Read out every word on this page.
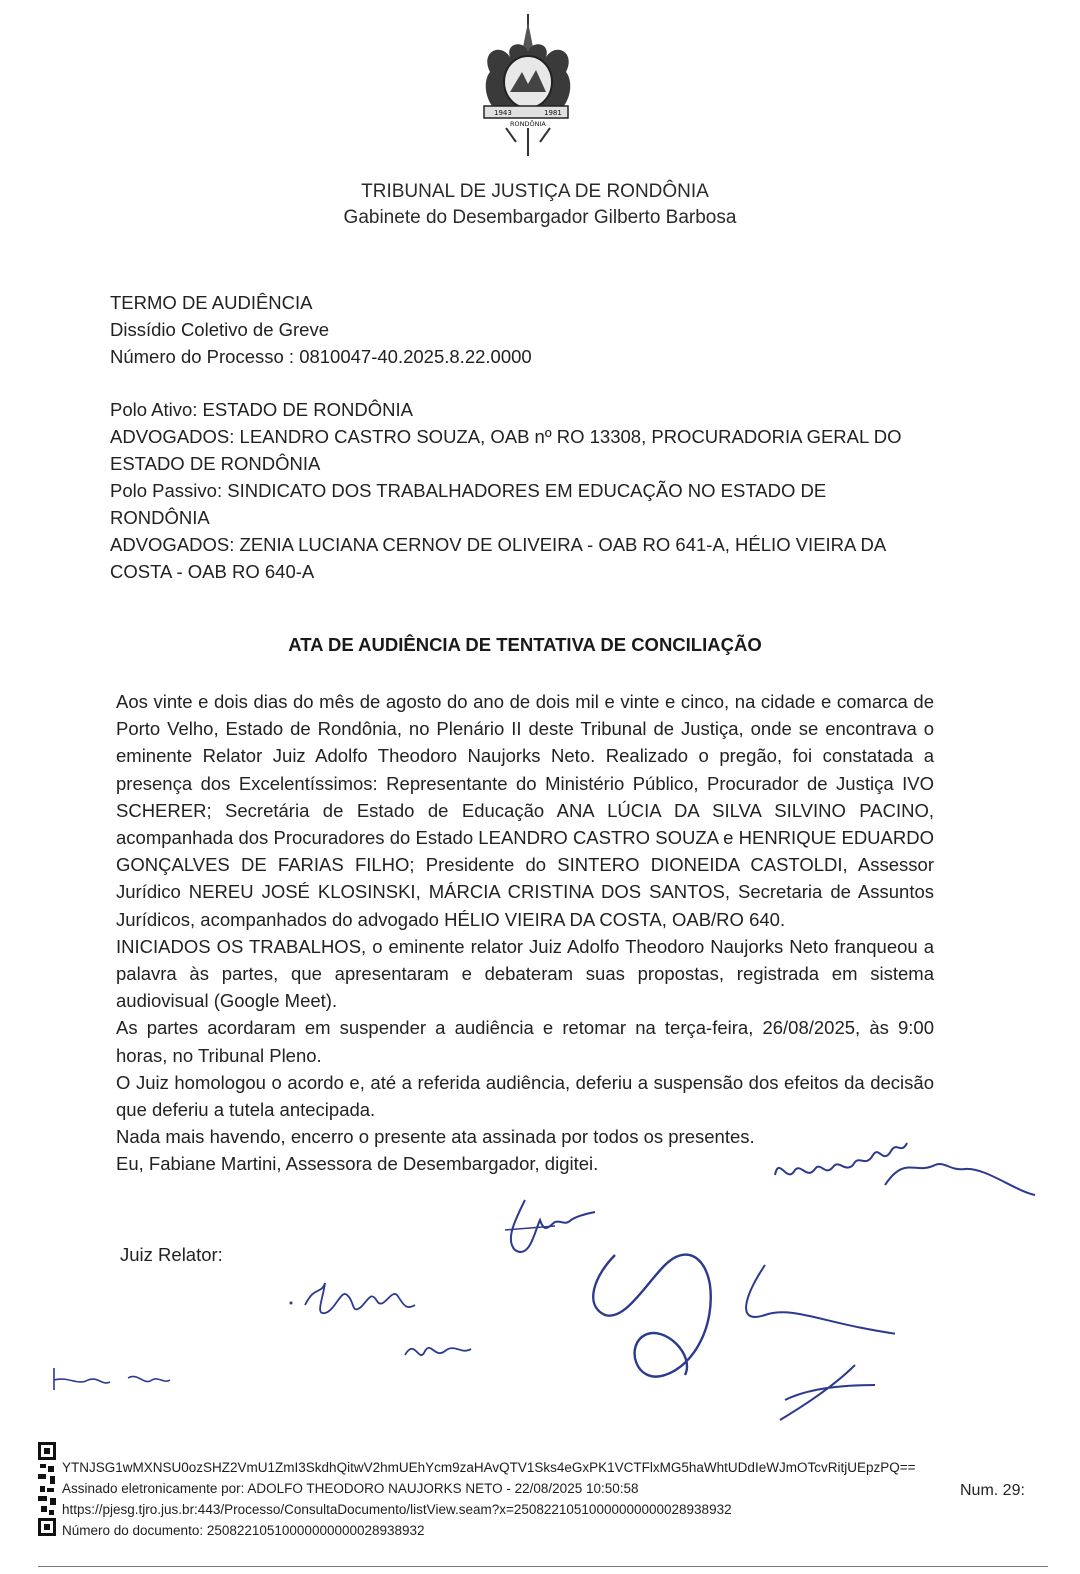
1943	1981
RONDÔNIA
TRIBUNAL DE JUSTIÇA DE RONDÔNIA
Gabinete do Desembargador Gilberto Barbosa
TERMO DE AUDIÊNCIA
Dissídio Coletivo de Greve
Número do Processo : 0810047-40.2025.8.22.0000
Polo Ativo: ESTADO DE RONDÔNIA
ADVOGADOS: LEANDRO CASTRO SOUZA, OAB nº RO 13308, PROCURADORIA GERAL DO ESTADO DE RONDÔNIA
Polo Passivo: SINDICATO DOS TRABALHADORES EM EDUCAÇÃO NO ESTADO DE RONDÔNIA
ADVOGADOS: ZENIA LUCIANA CERNOV DE OLIVEIRA - OAB RO 641-A, HÉLIO VIEIRA DA COSTA - OAB RO 640-A
ATA DE AUDIÊNCIA DE TENTATIVA DE CONCILIAÇÃO

Aos vinte e dois dias do mês de agosto do ano de dois mil e vinte e cinco, na cidade e comarca de Porto Velho, Estado de Rondônia, no Plenário II deste Tribunal de Justiça, onde se encontrava o eminente Relator Juiz Adolfo Theodoro Naujorks Neto. Realizado o pregão, foi constatada a presença dos Excelentíssimos: Representante do Ministério Público, Procurador de Justiça IVO SCHERER; Secretária de Estado de Educação ANA LÚCIA DA SILVA SILVINO PACINO, acompanhada dos Procuradores do Estado LEANDRO CASTRO SOUZA e HENRIQUE EDUARDO GONÇALVES DE FARIAS FILHO; Presidente do SINTERO DIONEIDA CASTOLDI, Assessor Jurídico NEREU JOSÉ KLOSINSKI, MÁRCIA CRISTINA DOS SANTOS, Secretaria de Assuntos Jurídicos, acompanhados do advogado HÉLIO VIEIRA DA COSTA, OAB/RO 640.

INICIADOS OS TRABALHOS, o eminente relator Juiz Adolfo Theodoro Naujorks Neto franqueou a palavra às partes, que apresentaram e debateram suas propostas, registrada em sistema audiovisual (Google Meet).

As partes acordaram em suspender a audiência e retomar na terça-feira, 26/08/2025, às 9:00 horas, no Tribunal Pleno.

O Juiz homologou o acordo e, até a referida audiência, deferiu a suspensão dos efeitos da decisão que deferiu a tutela antecipada.

Nada mais havendo, encerro o presente ata assinada por todos os presentes.

Eu, Fabiane Martini, Assessora de Desembargador, digitei.

Juiz Relator:
YTNJSG1wMXNSU0ozSHZ2VmU1ZmI3SkdhQitwV2hmUEhYcm9zaHAvQTV1Sks4eGxPK1VCTFlxMG5haWhtUDdIeWJmOTcvRitjUEpzPQ==
Assinado eletronicamente por: ADOLFO THEODORO NAUJORKS NETO - 22/08/2025 10:50:58
https://pjesg.tjro.jus.br:443/Processo/ConsultaDocumento/listView.seam?x=25082210510000000000028938932
Número do documento: 25082210510000000000028938932
Num. 29:
